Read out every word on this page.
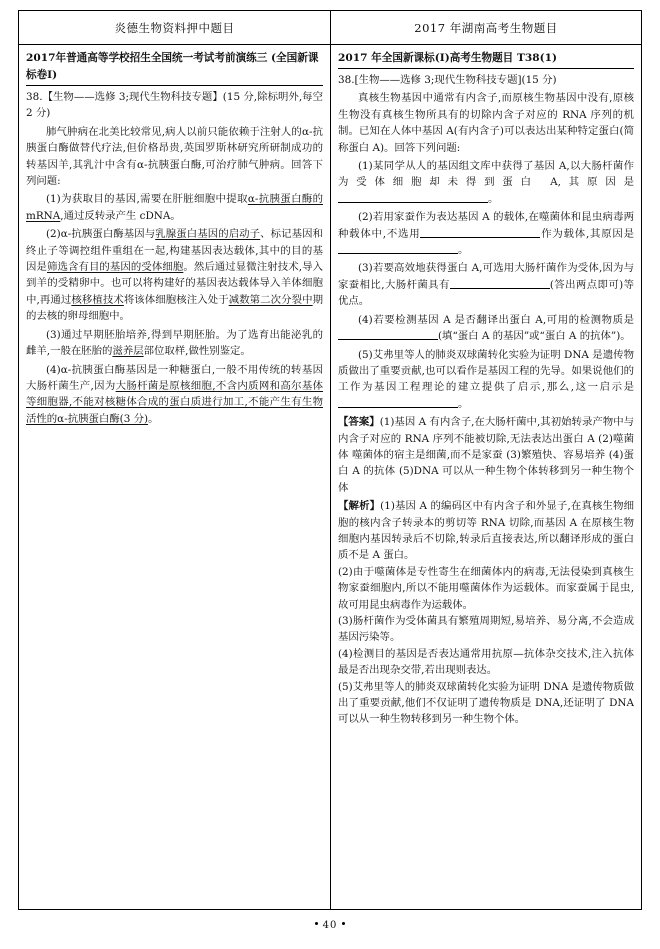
炎德生物资料押中题目	2017 年湖南高考生物题目
2017年普通高等学校招生全国统一考试考前演练三 (全国新课标卷Ⅰ)

38.【生物——选修 3;现代生物科技专题】(15 分,除标明外,每空 2 分)

肺气肿病在北美比较常见,病人以前只能依赖于注射人的α-抗胰蛋白酶做替代疗法,但价格昂贵,英国罗斯林研究所研制成功的转基因羊,其乳汁中含有α-抗胰蛋白酶,可治疗肺气肿病。回答下列问题:

(1)为获取目的基因,需要在肝脏细胞中提取α-抗胰蛋白酶的 mRNA,通过反转录产生 cDNA。

(2)α-抗胰蛋白酶基因与乳腺蛋白基因的启动子、标记基因和终止子等调控组件重组在一起,构建基因表达载体,其中的目的基因是筛选含有目的基因的受体细胞。然后通过显微注射技术,导入到羊的受精卵中。也可以将构建好的基因表达载体导入羊体细胞中,再通过核移植技术将该体细胞核注入处于减数第二次分裂中期的去核的卵母细胞中。

(3)通过早期胚胎培养,得到早期胚胎。为了选育出能泌乳的雌羊,一般在胚胎的滋养层部位取样,做性别鉴定。

(4)α-抗胰蛋白酶基因是一种糖蛋白,一般不用传统的转基因大肠杆菌生产,因为大肠杆菌是原核细胞,不含内质网和高尔基体等细胞器,不能对核糖体合成的蛋白质进行加工,不能产生有生物活性的α-抗胰蛋白酶(3 分)。

2017 年全国新课标(Ⅰ)高考生物题目 T38(1)

38.[生物——选修 3;现代生物科技专题](15 分)

真核生物基因中通常有内含子,而原核生物基因中没有,原核生物没有真核生物所具有的切除内含子对应的 RNA 序列的机制。已知在人体中基因 A(有内含子)可以表达出某种特定蛋白(简称蛋白 A)。回答下列问题:

(1)某同学从人的基因组文库中获得了基因 A,以大肠杆菌作为受体细胞却未得到蛋白 A,其原因是。

(2)若用家蚕作为表达基因 A 的载体,在噬菌体和昆虫病毒两种载体中,不选用	作为载体,其原因是。

(3)若要高效地获得蛋白 A,可选用大肠杆菌作为受体,因为与家蚕相比,大肠杆菌具有	(答出两点即可)等优点。

(4)若要检测基因 A 是否翻译出蛋白 A,可用的检测物质是(填“蛋白 A 的基因”或“蛋白 A 的抗体”)。

(5)艾弗里等人的肺炎双球菌转化实验为证明 DNA 是遗传物质做出了重要贡献,也可以看作是基因工程的先导。如果说他们的工作为基因工程理论的建立提供了启示,那么,这一启示是。

【答案】(1)基因 A 有内含子,在大肠杆菌中,其初始转录产物中与内含子对应的 RNA 序列不能被切除,无法表达出蛋白 A (2)噬菌体 噬菌体的宿主是细菌,而不是家蚕 (3)繁殖快、容易培养 (4)蛋白 A 的抗体 (5)DNA 可以从一种生物个体转移到另一种生物个体

【解析】(1)基因 A 的编码区中有内含子和外显子,在真核生物细胞的核内含子转录本的剪切等 RNA 切除,而基因 A 在原核生物细胞内基因转录后不切除,转录后直接表达,所以翻译形成的蛋白质不是 A 蛋白。
(2)由于噬菌体是专性寄生在细菌体内的病毒,无法侵染到真核生物家蚕细胞内,所以不能用噬菌体作为运载体。而家蚕属于昆虫,故可用昆虫病毒作为运载体。
(3)肠杆菌作为受体菌具有繁殖周期短,易培养、易分离,不会造成基因污染等。
(4)检测目的基因是否表达通常用抗原—抗体杂交技术,注入抗体最是否出现杂交带,若出现则表达。
(5)艾弗里等人的肺炎双球菌转化实验为证明 DNA 是遗传物质做出了重要贡献,他们不仅证明了遗传物质是 DNA,还证明了 DNA 可以从一种生物转移到另一种生物个体。

40
